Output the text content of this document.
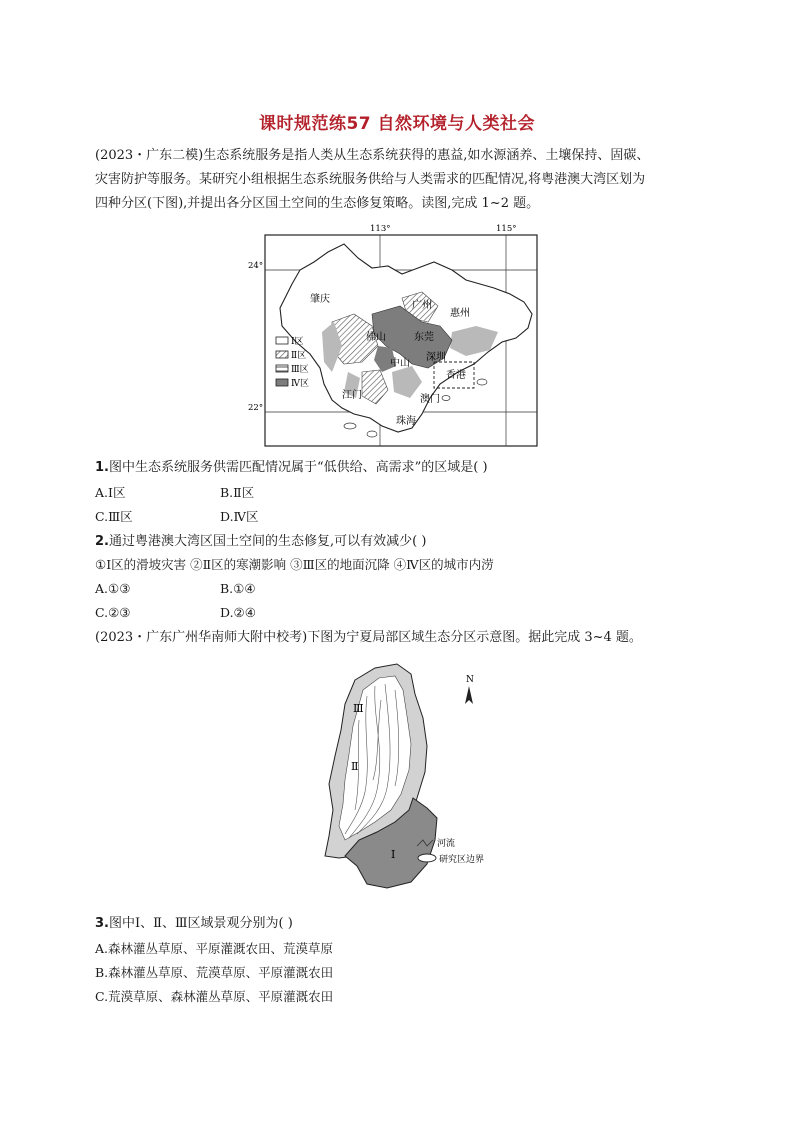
课时规范练57 自然环境与人类社会
(2023・广东二模)生态系统服务是指人类从生态系统获得的惠益,如水源涵养、土壤保持、固碳、
灾害防护等服务。某研究小组根据生态系统服务供给与人类需求的匹配情况,将粤港澳大湾区划为
四种分区(下图),并提出各分区国土空间的生态修复策略。读图,完成 1~2 题。
Ⅰ区
Ⅱ区
Ⅲ区
Ⅳ区
113°	115°
24°
22°
肇庆
广州
惠州
佛山	东莞
深圳
中山
香港
江门	澳门
珠海
1.图中生态系统服务供需匹配情况属于“低供给、高需求”的区域是( )
A.Ⅰ区	B.Ⅱ区
C.Ⅲ区	D.Ⅳ区
2.通过粤港澳大湾区国土空间的生态修复,可以有效减少( )
①Ⅰ区的滑坡灾害 ②Ⅱ区的寒潮影响 ③Ⅲ区的地面沉降 ④Ⅳ区的城市内涝
A.①③	B.①④
C.②③	D.②④
(2023・广东广州华南师大附中校考)下图为宁夏局部区域生态分区示意图。据此完成 3~4 题。
Ⅲ
Ⅱ
Ⅰ
N
河流
研究区边界
3.图中Ⅰ、Ⅱ、Ⅲ区域景观分别为( )
A.森林灌丛草原、平原灌溉农田、荒漠草原
B.森林灌丛草原、荒漠草原、平原灌溉农田
C.荒漠草原、森林灌丛草原、平原灌溉农田
